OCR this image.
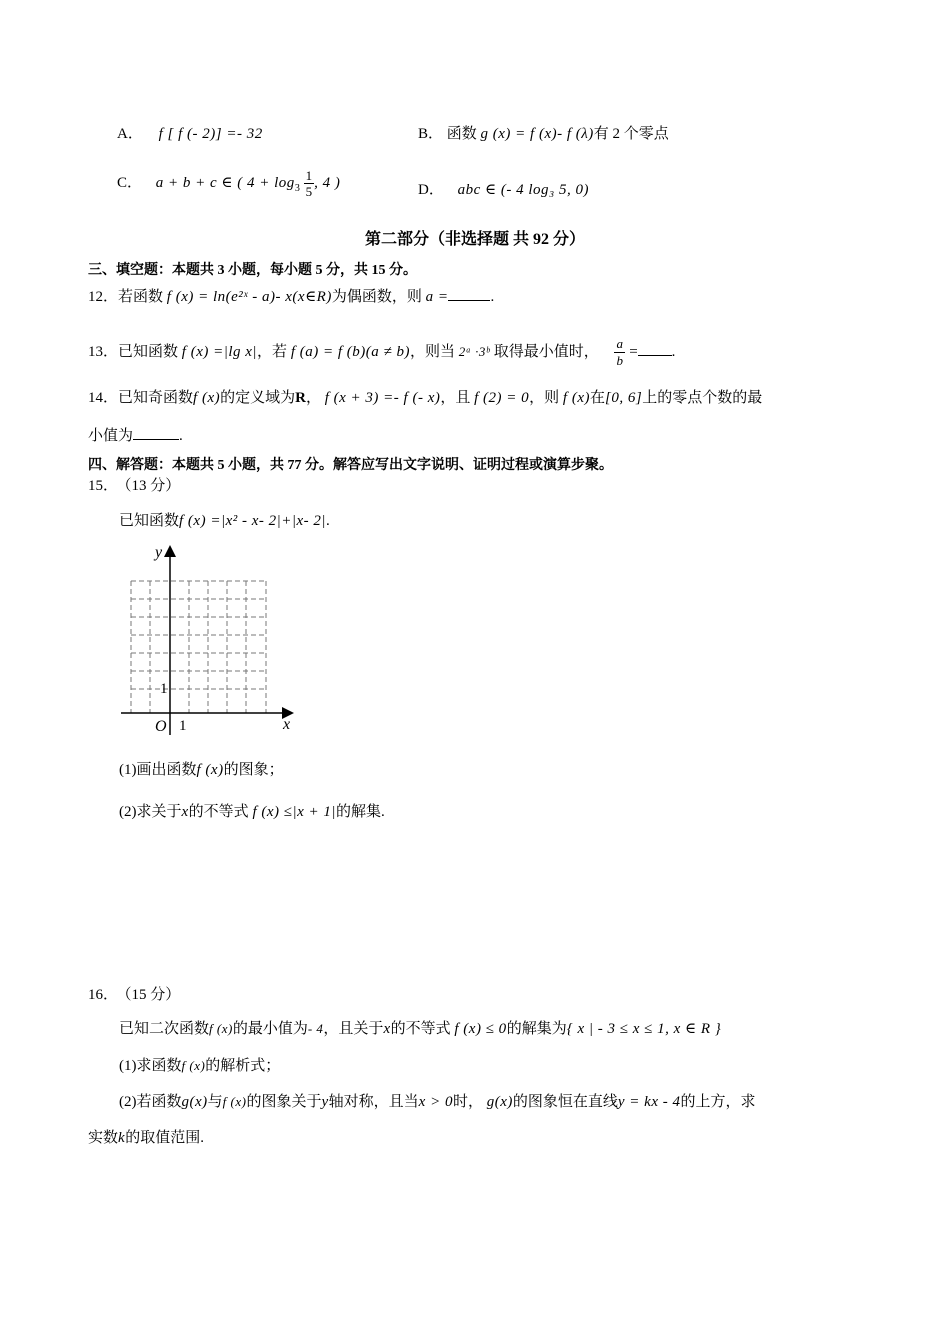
A． f [ f (- 2)] =- 32	B． 函数 g (x) = f (x)- f (λ)有 2 个零点
C． a + b + c ∈ ( $4 + \log_3 \frac{1}{5}$ , 4 )	D． abc ∈ (- 4 log₃ 5, 0)
第二部分（非选择题 共 92 分）
三、填空题：本题共 3 小题，每小题 5 分，共 15 分。
12．若函数 f (x) = ln(e²ˣ - a)- x(x∈R)为偶函数，则 a =	.
13．已知函数 f (x) =|lg x|，若 f (a) = f (b)(a ≠ b)，则当 2ᵃ ·3ᵇ 取得最小值时， $\frac{a}{b}$ = .
14．已知奇函数f (x)的定义域为R， f (x + 3) =- f (- x)，且 f (2) = 0，则 f (x)在[0, 6]上的零点个数的最
小值为	.
四、解答题：本题共 5 小题，共 77 分。解答应写出文字说明、证明过程或演算步聚。
15． （13 分）
已知函数f (x) =|x² - x- 2|+|x- 2|.
y
x
O 1
1
(1)画出函数f (x)的图象；
(2)求关于x的不等式 f (x) ≤|x + 1|的解集.
16． （15 分）
已知二次函数f (x)的最小值为- 4，且关于x的不等式 f (x) ≤ 0的解集为{ x | - 3 ≤ x ≤ 1, x ∈ R }
(1)求函数f (x)的解析式；
(2)若函数g(x)与f (x)的图象关于y轴对称，且当x > 0时， g(x)的图象恒在直线y = kx - 4的上方，求
实数k的取值范围.
